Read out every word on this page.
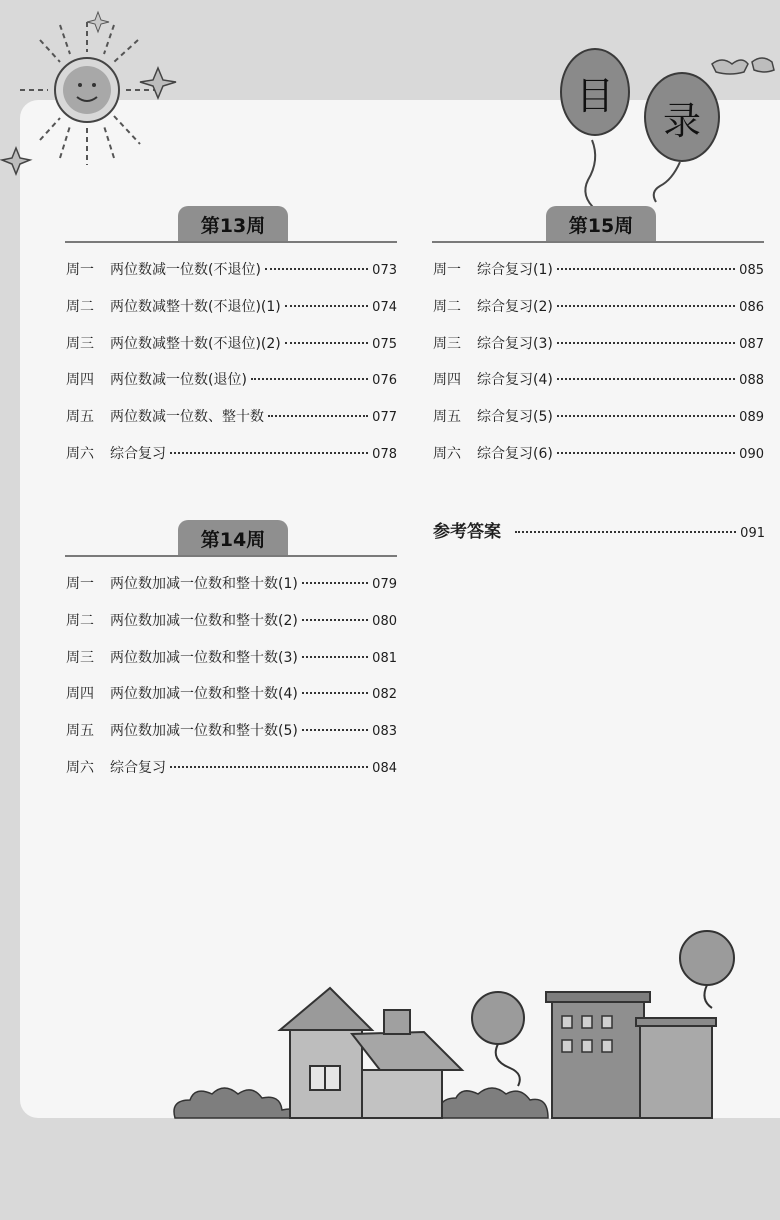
目
录
第13周
周一	两位数减一位数(不退位)	073
周二	两位数减整十数(不退位)(1)	074
周三	两位数减整十数(不退位)(2)	075
周四	两位数减一位数(退位)	076
周五	两位数减一位数、整十数	077
周六	综合复习	078
第14周
周一	两位数加减一位数和整十数(1)	079
周二	两位数加减一位数和整十数(2)	080
周三	两位数加减一位数和整十数(3)	081
周四	两位数加减一位数和整十数(4)	082
周五	两位数加减一位数和整十数(5)	083
周六	综合复习	084
第15周
周一	综合复习(1)	085
周二	综合复习(2)	086
周三	综合复习(3)	087
周四	综合复习(4)	088
周五	综合复习(5)	089
周六	综合复习(6)	090
参考答案	091
